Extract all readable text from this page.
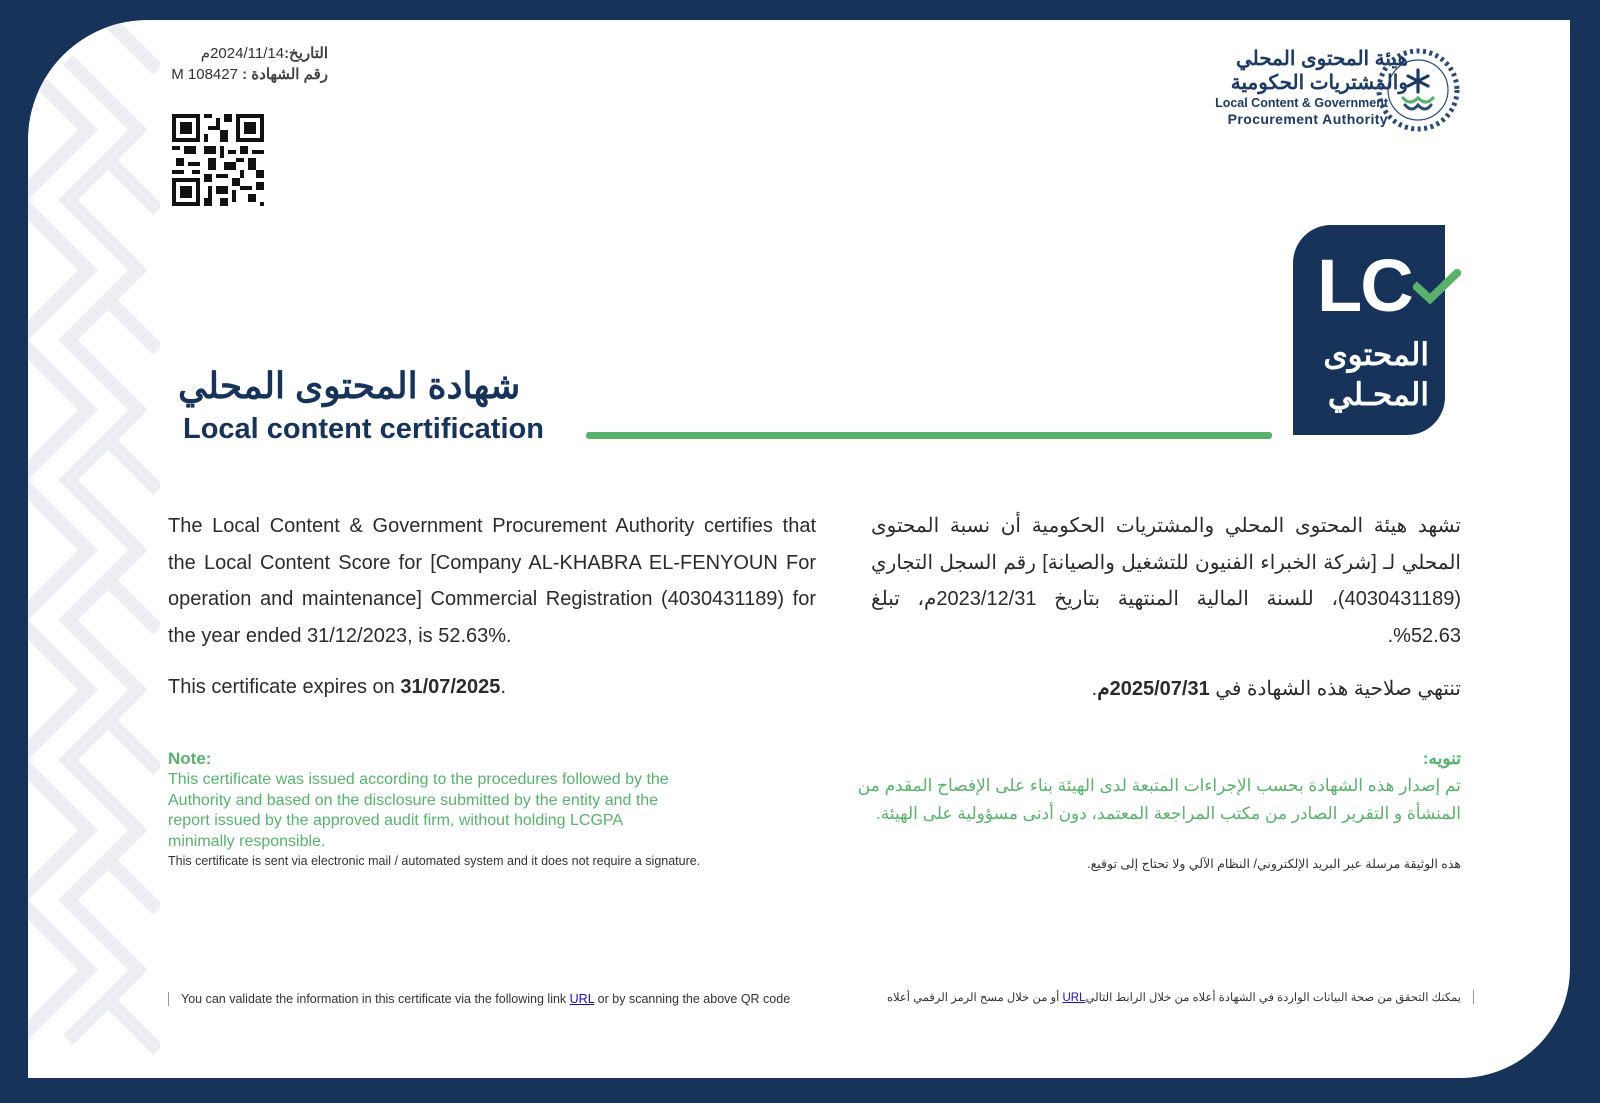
التاريخ:2024/11/14م
رقم الشهادة : M 108427
هيئة المحتوى المحلي
والمشتريات الحكومية
Local Content & Government
Procurement Authority
LC
المحتوى
المحـلي
شهادة المحتوى المحلي
Local content certification
The Local Content & Government Procurement Authority certifies that the Local Content Score for [Company AL-KHABRA EL-FENYOUN For operation and maintenance] Commercial Registration (4030431189) for the year ended 31/12/2023, is 52.63%.
تشهد هيئة المحتوى المحلي والمشتريات الحكومية أن نسبة المحتوى المحلي لـ [شركة الخبراء الفنيون للتشغيل والصيانة] رقم السجل التجاري (4030431189)، للسنة المالية المنتهية بتاريخ 2023/12/31م، تبلغ 52.63%.
This certificate expires on 31/07/2025.	تنتهي صلاحية هذه الشهادة في 2025/07/31م.
Note:
This certificate was issued according to the procedures followed by the Authority and based on the disclosure submitted by the entity and the report issued by the approved audit firm, without holding LCGPA minimally responsible.
تنويه:
تم إصدار هذه الشهادة بحسب الإجراءات المتبعة لدى الهيئة بناء على الإفصاح المقدم من المنشأة و التقرير الصادر من مكتب المراجعة المعتمد، دون أدنى مسؤولية على الهيئة.
This certificate is sent via electronic mail / automated system and it does not require a signature.	هذه الوثيقة مرسلة عبر البريد الإلكتروني/ النظام الآلي ولا تحتاج إلى توقيع.
You can validate the information in this certificate via the following link URL or by scanning the above QR code	يمكنك التحقق من صحة البيانات الواردة في الشهادة أعلاه من خلال الرابط التاليURL أو من خلال مسح الرمز الرقمي أعلاه
